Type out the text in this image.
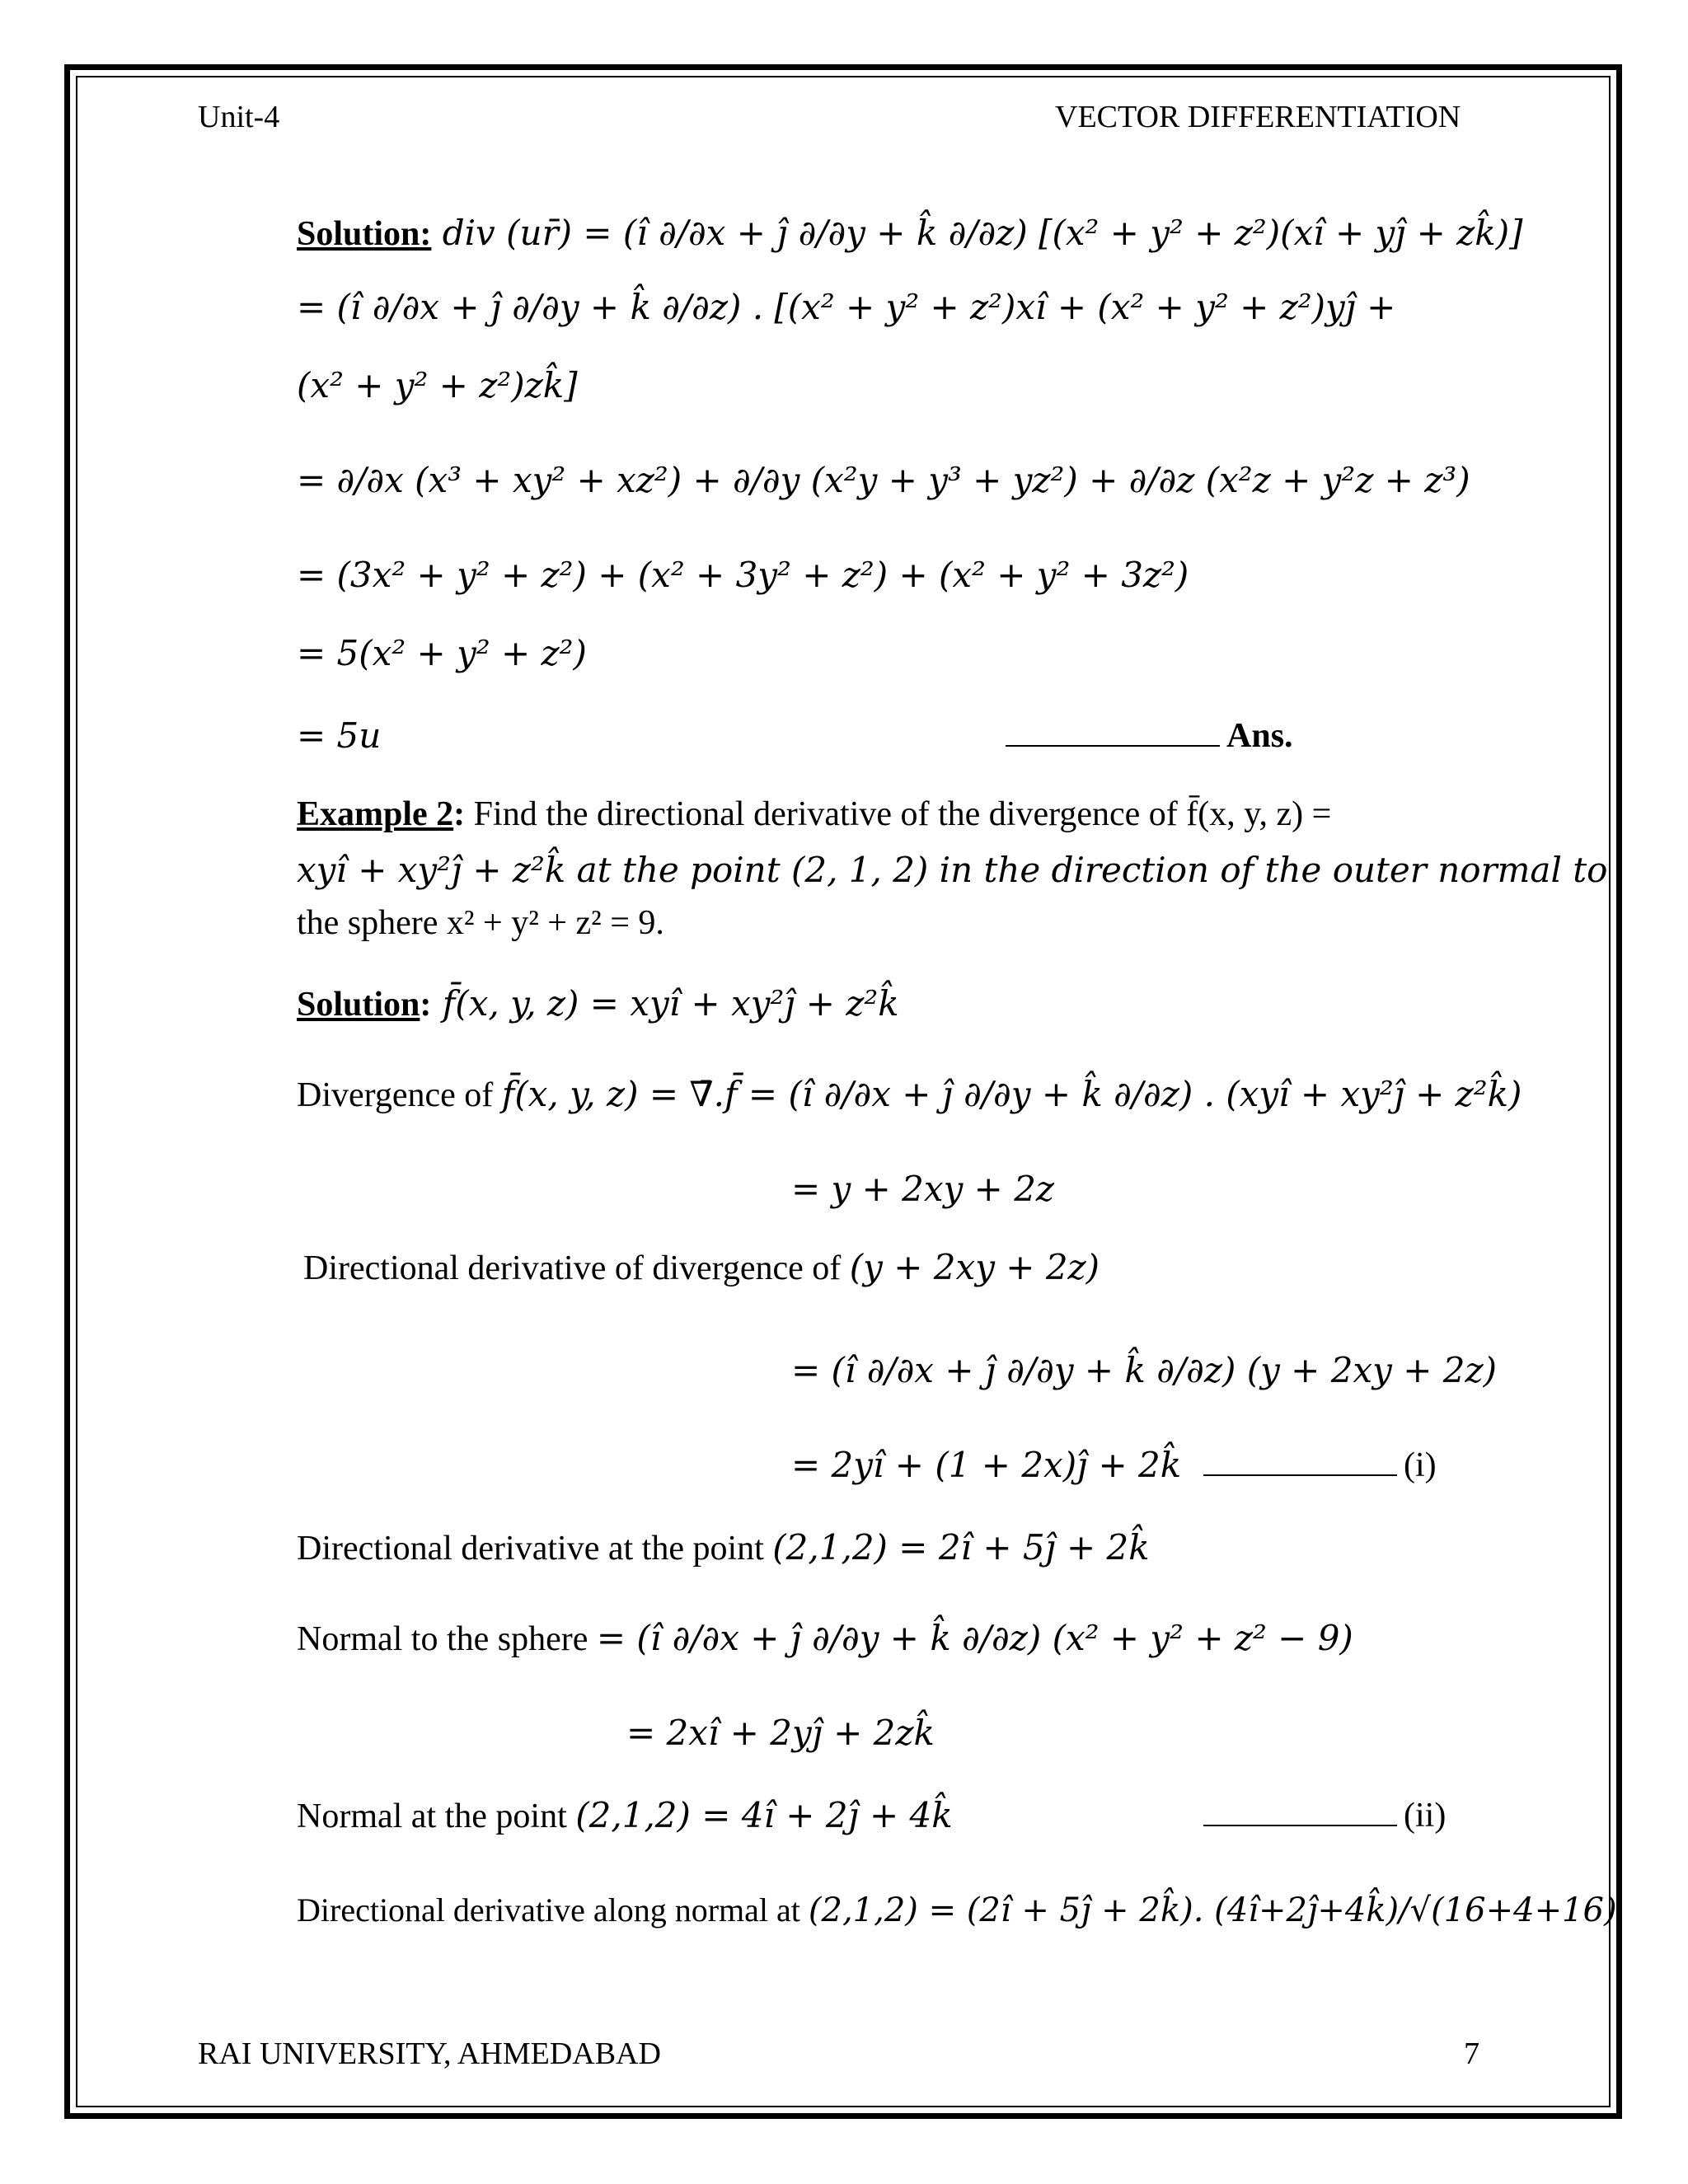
Unit-4	VECTOR DIFFERENTIATION
Solution: div (ur̄) = (î ∂/∂x + ĵ ∂/∂y + k̂ ∂/∂z) [(x² + y² + z²)(xî + yĵ + zk̂)]
= (î ∂/∂x + ĵ ∂/∂y + k̂ ∂/∂z) . [(x² + y² + z²)xî + (x² + y² + z²)yĵ +
(x² + y² + z²)zk̂]
= ∂/∂x (x³ + xy² + xz²) + ∂/∂y (x²y + y³ + yz²) + ∂/∂z (x²z + y²z + z³)
= (3x² + y² + z²) + (x² + 3y² + z²) + (x² + y² + 3z²)
= 5(x² + y² + z²)
= 5u	Ans.
Example 2: Find the directional derivative of the divergence of f̄(x, y, z) =
xyî + xy²ĵ + z²k̂ at the point (2, 1, 2) in the direction of the outer normal to
the sphere x² + y² + z² = 9.
Solution: f̄(x, y, z) = xyî + xy²ĵ + z²k̂
Divergence of f̄(x, y, z) = ∇̄.f̄ = (î ∂/∂x + ĵ ∂/∂y + k̂ ∂/∂z) . (xyî + xy²ĵ + z²k̂)
= y + 2xy + 2z
Directional derivative of divergence of (y + 2xy + 2z)
= (î ∂/∂x + ĵ ∂/∂y + k̂ ∂/∂z) (y + 2xy + 2z)
= 2yî + (1 + 2x)ĵ + 2k̂	(i)
Directional derivative at the point (2,1,2) = 2î + 5ĵ + 2k̂
Normal to the sphere = (î ∂/∂x + ĵ ∂/∂y + k̂ ∂/∂z) (x² + y² + z² − 9)
= 2xî + 2yĵ + 2zk̂
Normal at the point (2,1,2) = 4î + 2ĵ + 4k̂	(ii)
Directional derivative along normal at (2,1,2) = (2î + 5ĵ + 2k̂). (4î+2ĵ+4k̂)/√(16+4+16)
RAI UNIVERSITY, AHMEDABAD	7
